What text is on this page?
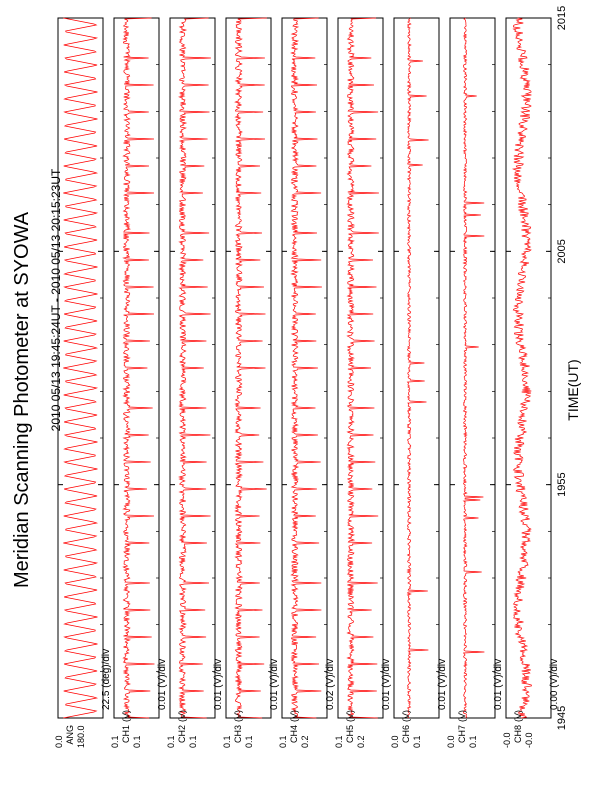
Meridian Scanning Photometer at SYOWA 2010 05/13 19:45:24UT - 2010 05/13 20:15:23UT	TIME(UT)
0.0 ANG 180.0
22.5 (deg)/div
0.1 CH1
(V)
0.1
0.01 (V)/div
0.1 CH2
(V)
0.1
0.01 (V)/div
0.1 CH3
(V)
0.1
0.01 (V)/div
0.1 CH4
(V)
0.2
0.02 (V)/div
0.1 CH5
(V)
0.2
0.01 (V)/div
0.0 CH6
(V)
0.1
0.01 (V)/div
0.0 CH7
(V)
0.1
0.01 (V)/div
-0.0 CH8
(V)
-0.0
0.00 (V)/div
1945
1955
2005
2015
